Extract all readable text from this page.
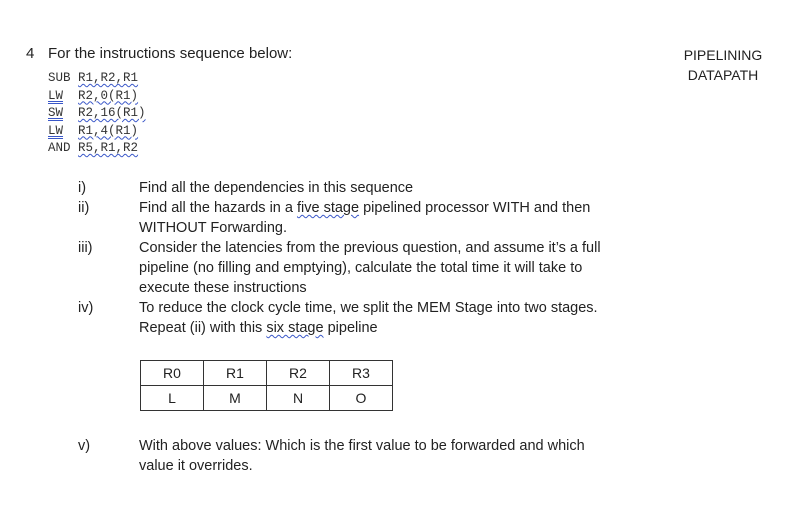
4 For the instructions sequence below:	PIPELINING
DATAPATH
SUB R1,R2,R1
LW R2,0(R1)
SW R2,16(R1)
LW R1,4(R1)
AND R5,R1,R2
i)	Find all the dependencies in this sequence
ii)	Find all the hazards in a five stage pipelined processor WITH and then
WITHOUT Forwarding.
iii)	Consider the latencies from the previous question, and assume it’s a full
pipeline (no filling and emptying), calculate the total time it will take to
execute these instructions
iv)	To reduce the clock cycle time, we split the MEM Stage into two stages.
Repeat (ii) with this six stage pipeline
v)	With above values: Which is the first value to be forwarded and which
value it overrides.
R0	R1	R2	R3
L	M	N	O
